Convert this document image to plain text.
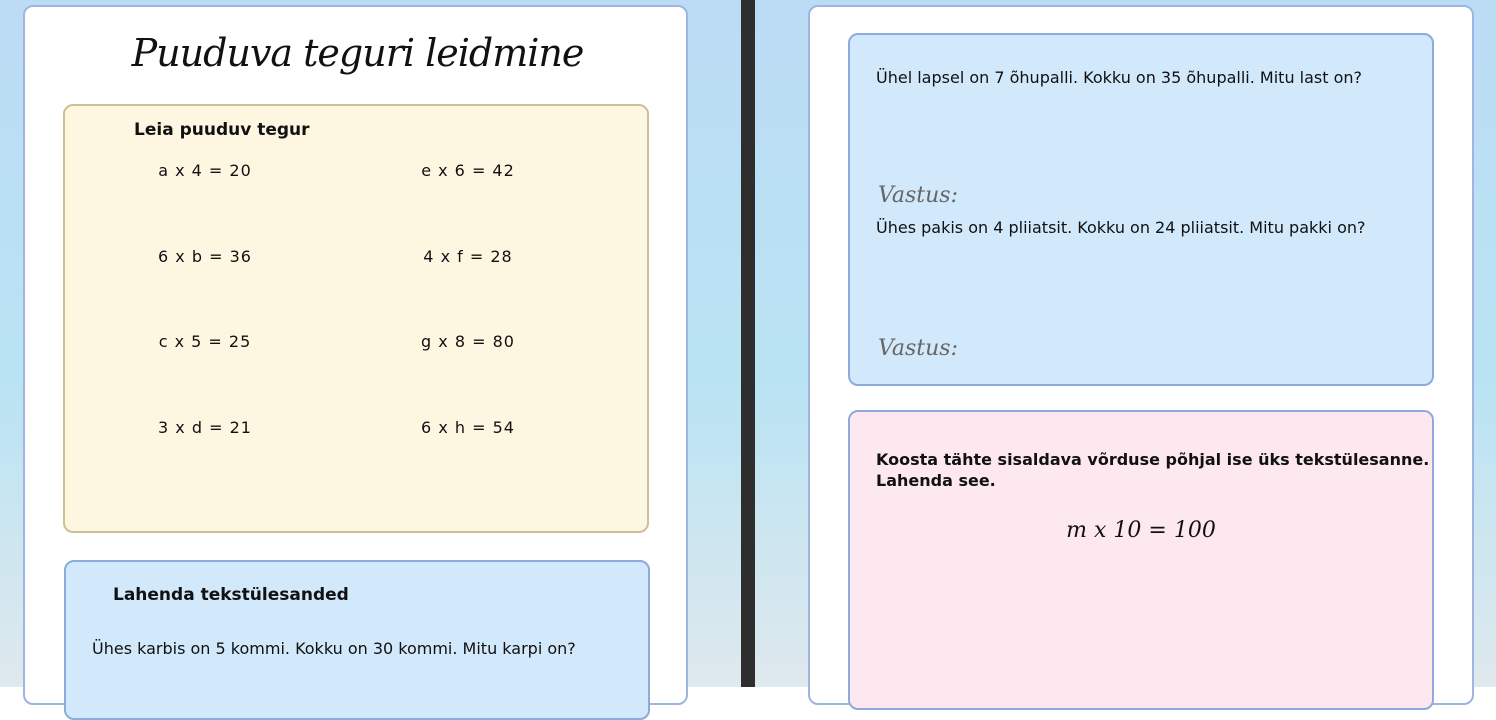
Puuduva teguri leidmine
Leia puuduv tegur
a x 4 = 20	e x 6 = 42
6 x b = 36	4 x f = 28
c x 5 = 25	g x 8 = 80
3 x d = 21	6 x h = 54
Lahenda tekstülesanded
Ühes karbis on 5 kommi. Kokku on 30 kommi. Mitu karpi on?
Ühel lapsel on 7 õhupalli. Kokku on 35 õhupalli. Mitu last on?
Vastus:
Ühes pakis on 4 pliiatsit. Kokku on 24 pliiatsit. Mitu pakki on?
Vastus:
Koosta tähte sisaldava võrduse põhjal ise üks tekstülesanne.
Lahenda see.
m x 10 = 100
